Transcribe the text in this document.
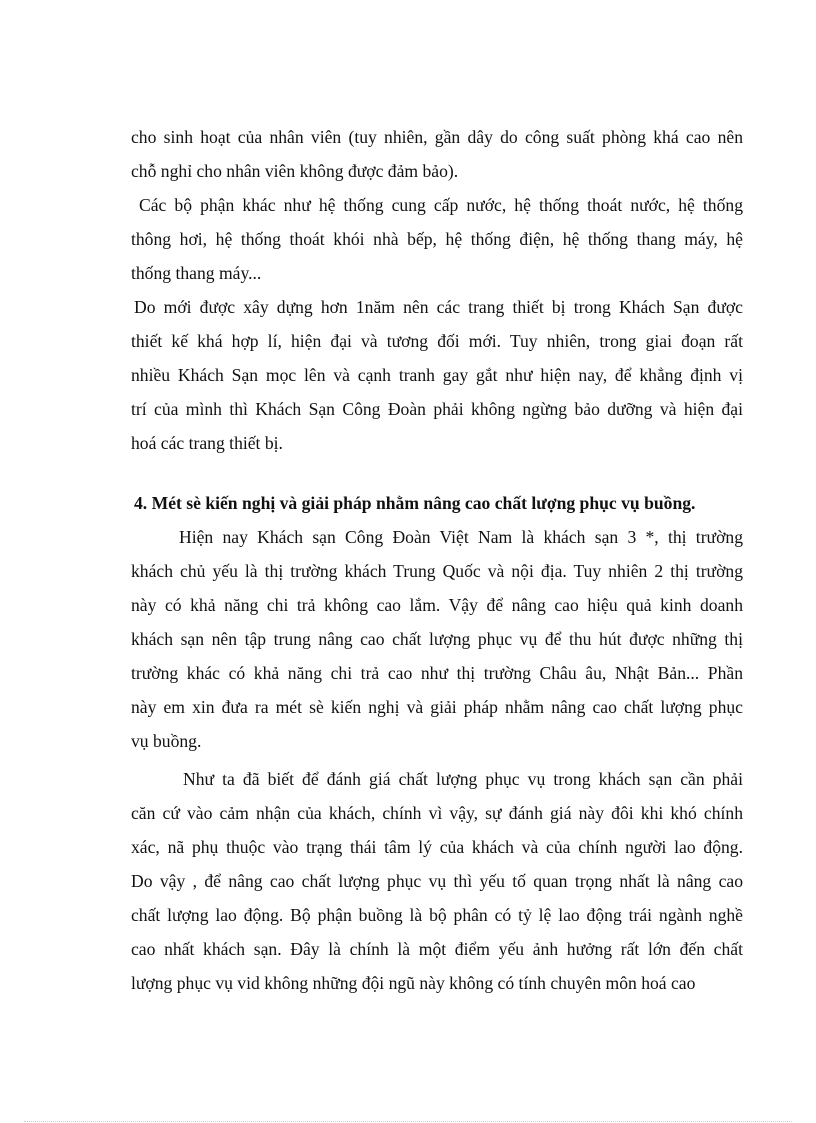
cho sinh hoạt của nhân viên (tuy nhiên, gần dây do công suất phòng khá cao nên
chỗ nghỉ cho nhân viên không được đảm bảo).
Các bộ phận khác như hệ thống cung cấp nước, hệ thống thoát nước, hệ thống
thông hơi, hệ thống thoát khói nhà bếp, hệ thống điện, hệ thống thang máy, hệ
thống thang máy...
Do mới được xây dựng hơn 1năm nên các trang thiết bị trong Khách Sạn được
thiết kế khá hợp lí, hiện đại và tương đối mới. Tuy nhiên, trong giai đoạn rất
nhiều Khách Sạn mọc lên và cạnh tranh gay gắt như hiện nay, để khẳng định vị
trí của mình thì Khách Sạn Công Đoàn phải không ngừng bảo dưỡng và hiện đại
hoá các trang thiết bị.
4. Mét sè kiến nghị và giải pháp nhằm nâng cao chất lượng phục vụ buồng.
Hiện nay Khách sạn Công Đoàn Việt Nam là khách sạn 3 *, thị trường
khách chủ yếu là thị trường khách Trung Quốc và nội địa. Tuy nhiên 2 thị trường
này có khả năng chi trả không cao lắm. Vậy để nâng cao hiệu quả kinh doanh
khách sạn nên tập trung nâng cao chất lượng phục vụ để thu hút được những thị
trường khác có khả năng chi trả cao như thị trường Châu âu, Nhật Bản... Phần
này em xin đưa ra mét sè kiến nghị và giải pháp nhằm nâng cao chất lượng phục
vụ buồng.
Như ta đã biết để đánh giá chất lượng phục vụ trong khách sạn cần phải
căn cứ vào cảm nhận của khách, chính vì vậy, sự đánh giá này đôi khi khó chính
xác, nã phụ thuộc vào trạng thái tâm lý của khách và của chính người lao động.
Do vậy , để nâng cao chất lượng phục vụ thì yếu tố quan trọng nhất là nâng cao
chất lượng lao động. Bộ phận buồng là bộ phân có tỷ lệ lao động trái ngành nghề
cao nhất khách sạn. Đây là chính là một điểm yếu ảnh hưởng rất lớn đến chất
lượng phục vụ vid không những đội ngũ này không có tính chuyên môn hoá cao
